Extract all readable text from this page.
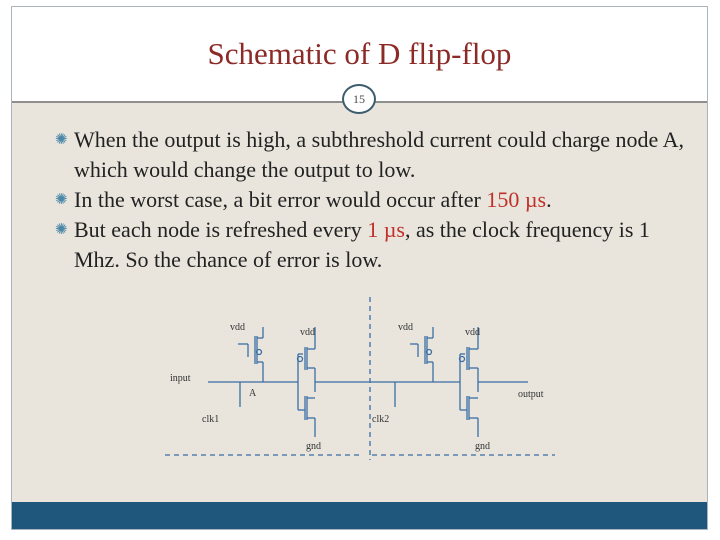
Schematic of D flip-flop
15
✺ When the output is high, a subthreshold current could charge node A, which would change the output to low.
✺ In the worst case, a bit error would occur after 150 µs.
✺ But each node is refreshed every 1 µs, as the clock frequency is 1 Mhz. So the chance of error is low.
vdd	vdd	vdd	vdd
input
A
clk1	clk2
gnd	gnd
output
